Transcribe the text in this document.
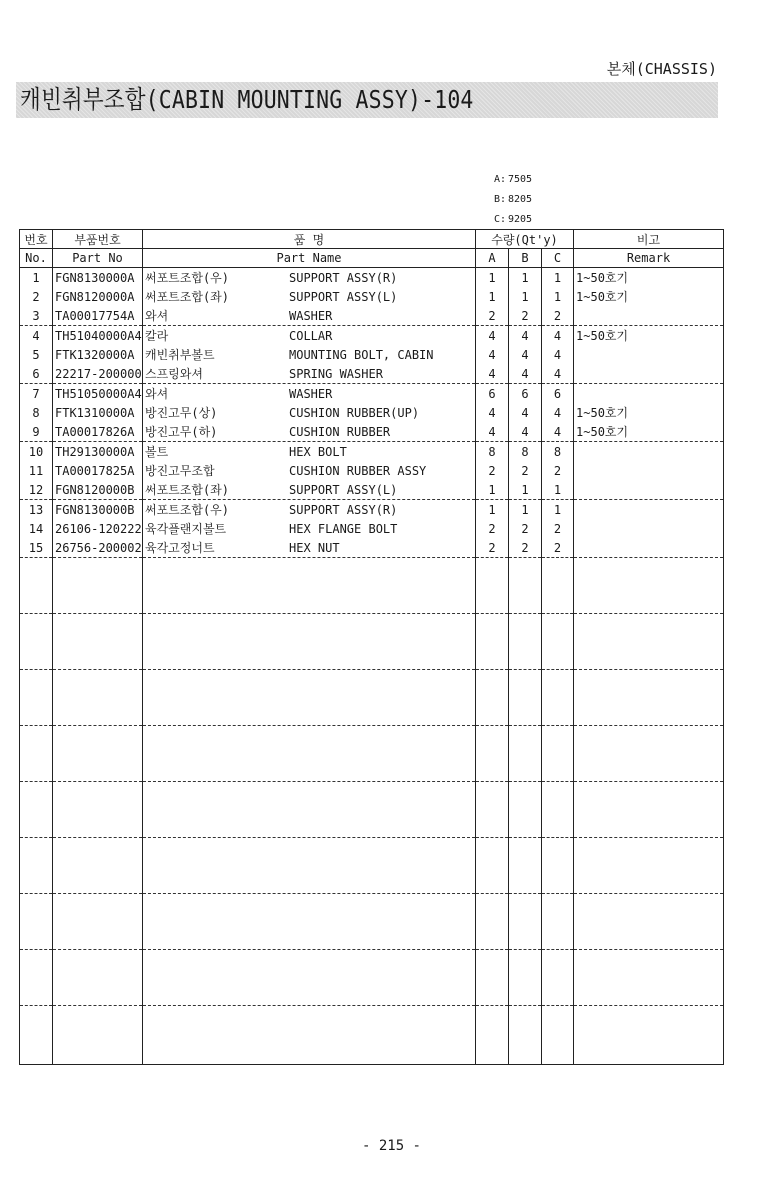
본체(CHASSIS)
캐빈취부조합(CABIN MOUNTING ASSY)-104
A: 7505
B: 8205
C: 9205
번호	부품번호	품 명	수량(Qt'y)			비고
No.	Part No	Part Name	A	B	C	Remark
1	FGN8130000A	써포트조합(우) SUPPORT ASSY(R)	1	1	1	1~50호기
2	FGN8120000A	써포트조합(좌) SUPPORT ASSY(L)	1	1	1	1~50호기
3	TA00017754A	와셔 WASHER	2	2	2	
4	TH51040000A4	칼라 COLLAR	4	4	4	1~50호기
5	FTK1320000A	캐빈취부볼트 MOUNTING BOLT, CABIN	4	4	4	
6	22217-200000	스프링와셔 SPRING WASHER	4	4	4	
7	TH51050000A4	와셔 WASHER	6	6	6	
8	FTK1310000A	방진고무(상) CUSHION RUBBER(UP)	4	4	4	1~50호기
9	TA00017826A	방진고무(하) CUSHION RUBBER	4	4	4	1~50호기
10	TH29130000A	볼트 HEX BOLT	8	8	8	
11	TA00017825A	방진고무조합 CUSHION RUBBER ASSY	2	2	2	
12	FGN8120000B	써포트조합(좌) SUPPORT ASSY(L)	1	1	1	
13	FGN8130000B	써포트조합(우) SUPPORT ASSY(R)	1	1	1	
14	26106-120222	육각플랜지볼트 HEX FLANGE BOLT	2	2	2	
15	26756-200002	육각고정너트 HEX NUT	2	2	2	

- 215 -
